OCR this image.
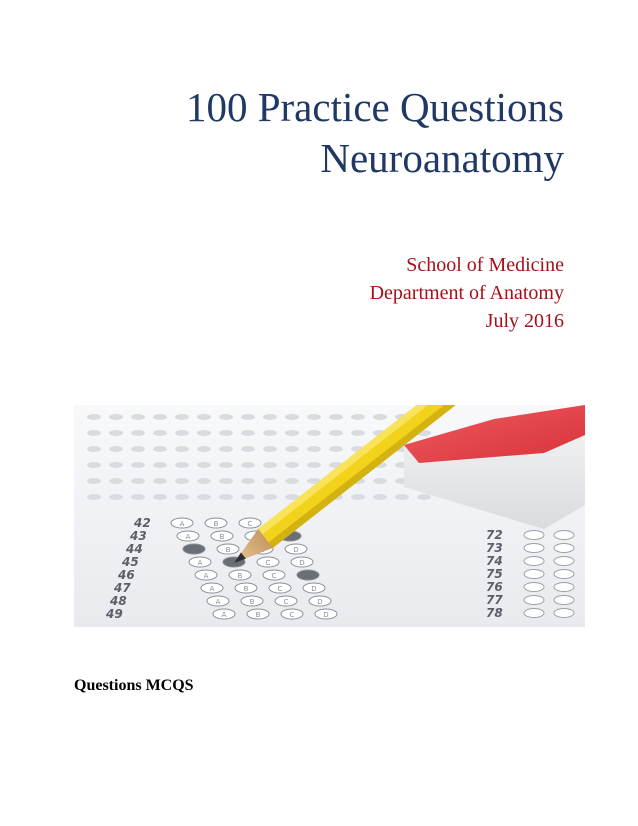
100 Practice Questions
Neuroanatomy
School of Medicine
Department of Anatomy
July 2016
42
43
44
45
46
47
48
49
A	B	C
A	B
B	D
A	C	D
A	B	C
A	B	C	D
A	B	C	D
A	B	C	D
72
73
74
75
76
77
78
Questions MCQS
